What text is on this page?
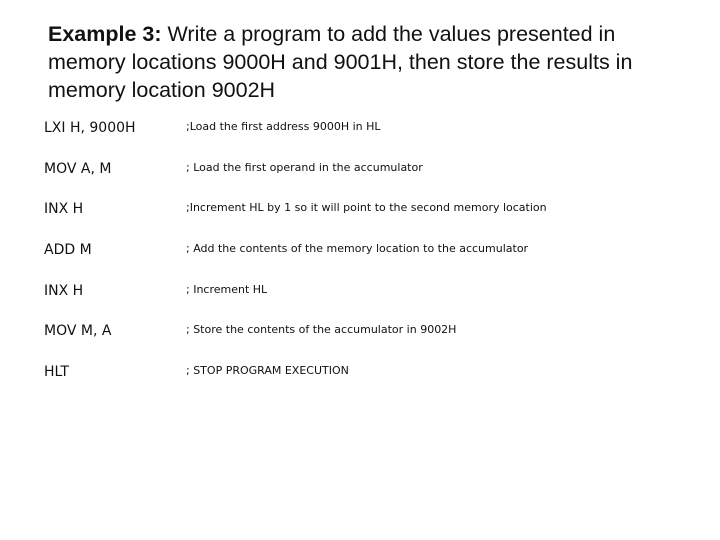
Example 3: Write a program to add the values presented in
memory locations 9000H and 9001H, then store the results in
memory location 9002H
LXI H, 9000H	;Load the first address 9000H in HL
MOV A, M	; Load the first operand in the accumulator
INX H	;Increment HL by 1 so it will point to the second memory location
ADD M	; Add the contents of the memory location to the accumulator
INX H	; Increment HL
MOV M, A	; Store the contents of the accumulator in 9002H
HLT	; STOP PROGRAM EXECUTION
